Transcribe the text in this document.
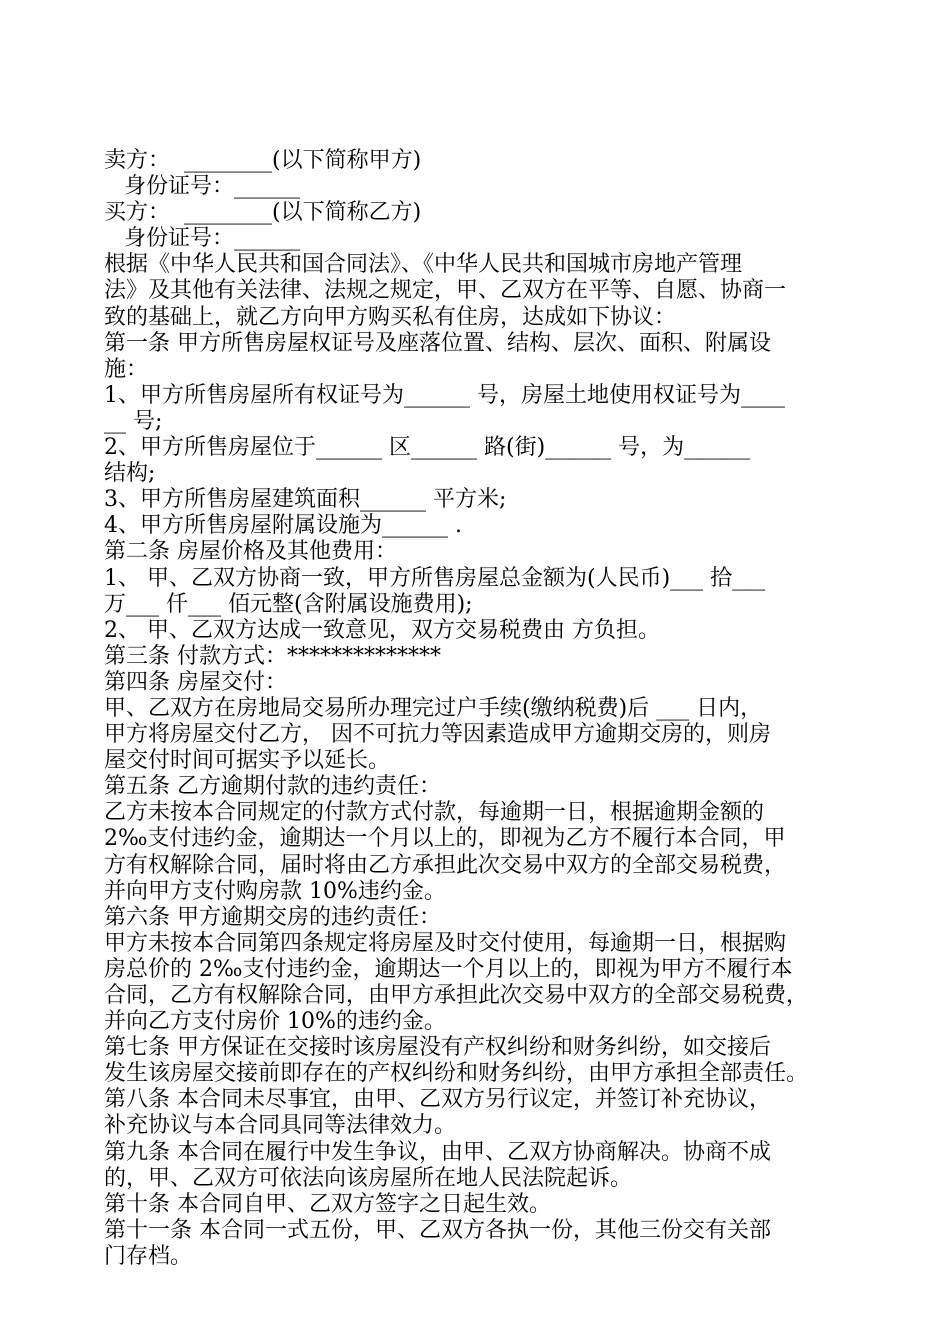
卖方：  ________(以下简称甲方)
身份证号：______
买方：  ________(以下简称乙方)
身份证号：______
根据《中华人民共和国合同法》、《中华人民共和国城市房地产管理
法》及其他有关法律、法规之规定，甲、乙双方在平等、自愿、协商一
致的基础上，就乙方向甲方购买私有住房，达成如下协议：
第一条 甲方所售房屋权证号及座落位置、结构、层次、面积、附属设
施：
1、甲方所售房屋所有权证号为______ 号，房屋土地使用权证号为____
__ 号;
2、甲方所售房屋位于______ 区______ 路(街)______ 号，为______
结构;
3、甲方所售房屋建筑面积______ 平方米;
4、甲方所售房屋附属设施为______ .
第二条 房屋价格及其他费用：
1、 甲、乙双方协商一致，甲方所售房屋总金额为(人民币)___ 拾___
万___ 仟___ 佰元整(含附属设施费用);
2、 甲、乙双方达成一致意见，双方交易税费由 方负担。
第三条 付款方式：**************
第四条 房屋交付：
甲、乙双方在房地局交易所办理完过户手续(缴纳税费)后 ___ 日内，
甲方将房屋交付乙方， 因不可抗力等因素造成甲方逾期交房的，则房
屋交付时间可据实予以延长。
第五条 乙方逾期付款的违约责任：
乙方未按本合同规定的付款方式付款，每逾期一日，根据逾期金额的
2‰支付违约金，逾期达一个月以上的，即视为乙方不履行本合同，甲
方有权解除合同，届时将由乙方承担此次交易中双方的全部交易税费，
并向甲方支付购房款 10%违约金。
第六条 甲方逾期交房的违约责任：
甲方未按本合同第四条规定将房屋及时交付使用，每逾期一日，根据购
房总价的 2‰支付违约金，逾期达一个月以上的，即视为甲方不履行本
合同，乙方有权解除合同，由甲方承担此次交易中双方的全部交易税费，
并向乙方支付房价 10%的违约金。
第七条 甲方保证在交接时该房屋没有产权纠纷和财务纠纷，如交接后
发生该房屋交接前即存在的产权纠纷和财务纠纷，由甲方承担全部责任。
第八条 本合同未尽事宜，由甲、乙双方另行议定，并签订补充协议，
补充协议与本合同具同等法律效力。
第九条 本合同在履行中发生争议，由甲、乙双方协商解决。协商不成
的，甲、乙双方可依法向该房屋所在地人民法院起诉。
第十条 本合同自甲、乙双方签字之日起生效。
第十一条 本合同一式五份，甲、乙双方各执一份，其他三份交有关部
门存档。
